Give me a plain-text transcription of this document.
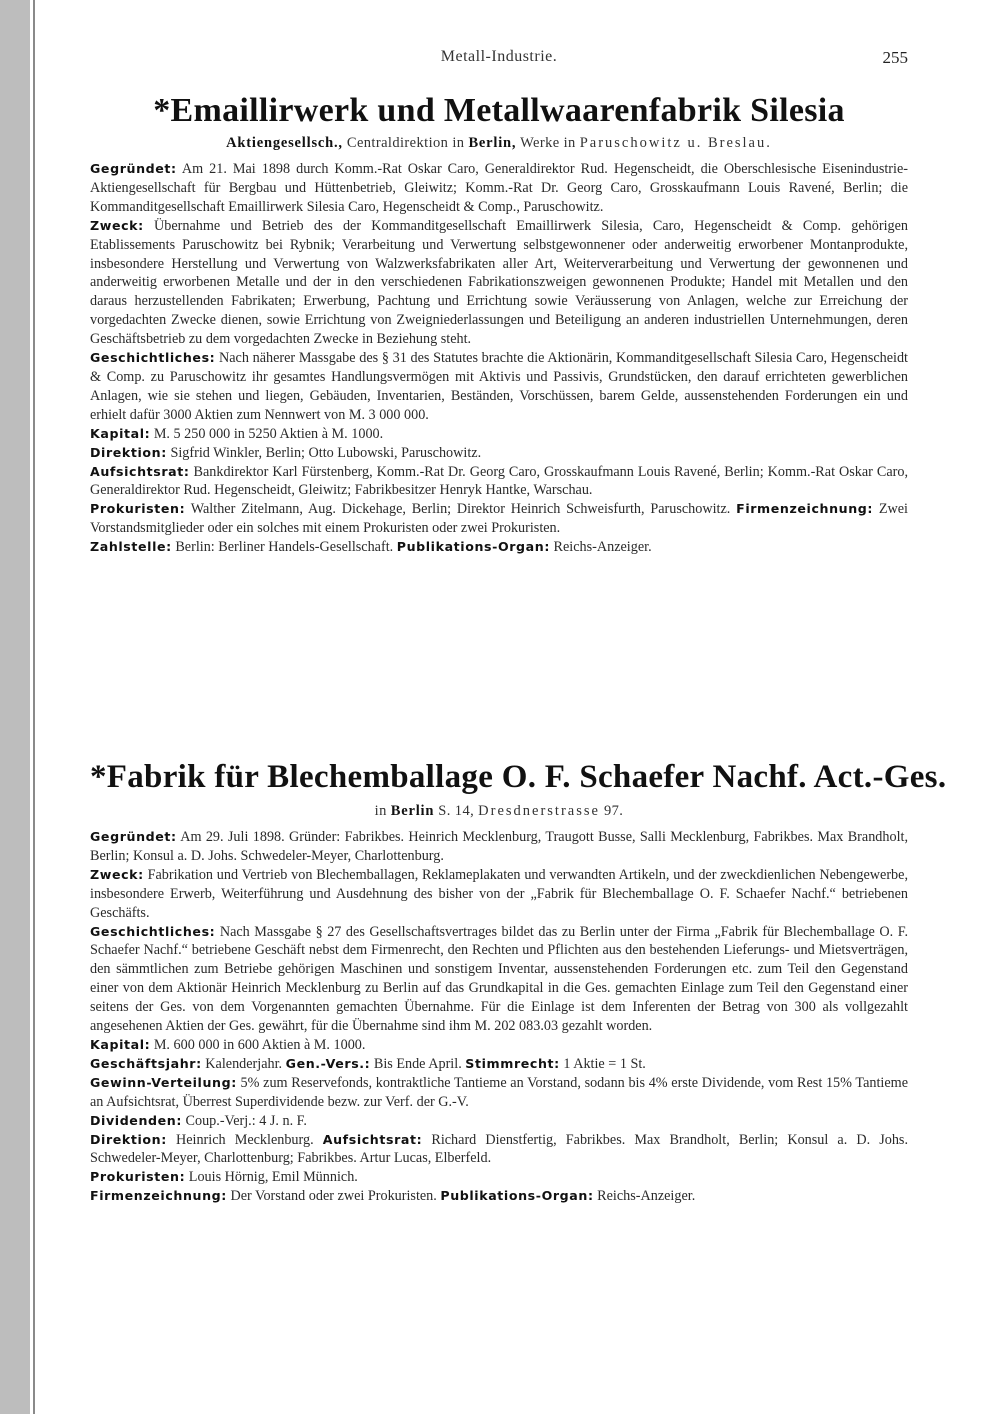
Metall-Industrie.	255
*Emaillirwerk und Metallwaarenfabrik Silesia
Aktiengesellsch., Centraldirektion in Berlin, Werke in Paruschowitz u. Breslau.

Gegründet: Am 21. Mai 1898 durch Komm.-Rat Oskar Caro, Generaldirektor Rud. Hegenscheidt, die Oberschlesische Eisenindustrie-Aktiengesellschaft für Bergbau und Hüttenbetrieb, Gleiwitz; Komm.-Rat Dr. Georg Caro, Grosskaufmann Louis Ravené, Berlin; die Kommanditgesellschaft Emaillirwerk Silesia Caro, Hegenscheidt & Comp., Paruschowitz.

Zweck: Übernahme und Betrieb des der Kommanditgesellschaft Emaillirwerk Silesia, Caro, Hegenscheidt & Comp. gehörigen Etablissements Paruschowitz bei Rybnik; Verarbeitung und Verwertung selbstgewonnener oder anderweitig erworbener Montanprodukte, insbesondere Herstellung und Verwertung von Walzwerksfabrikaten aller Art, Weiterverarbeitung und Verwertung der gewonnenen und anderweitig erworbenen Metalle und der in den verschiedenen Fabrikationszweigen gewonnenen Produkte; Handel mit Metallen und den daraus herzustellenden Fabrikaten; Erwerbung, Pachtung und Errichtung sowie Veräusserung von Anlagen, welche zur Erreichung der vorgedachten Zwecke dienen, sowie Errichtung von Zweigniederlassungen und Beteiligung an anderen industriellen Unternehmungen, deren Geschäftsbetrieb zu dem vorgedachten Zwecke in Beziehung steht.

Geschichtliches: Nach näherer Massgabe des § 31 des Statutes brachte die Aktionärin, Kommanditgesellschaft Silesia Caro, Hegenscheidt & Comp. zu Paruschowitz ihr gesamtes Handlungsvermögen mit Aktivis und Passivis, Grundstücken, den darauf errichteten gewerblichen Anlagen, wie sie stehen und liegen, Gebäuden, Inventarien, Beständen, Vorschüssen, barem Gelde, aussenstehenden Forderungen ein und erhielt dafür 3000 Aktien zum Nennwert von M. 3 000 000.

Kapital: M. 5 250 000 in 5250 Aktien à M. 1000.

Direktion: Sigfrid Winkler, Berlin; Otto Lubowski, Paruschowitz.

Aufsichtsrat: Bankdirektor Karl Fürstenberg, Komm.-Rat Dr. Georg Caro, Grosskaufmann Louis Ravené, Berlin; Komm.-Rat Oskar Caro, Generaldirektor Rud. Hegenscheidt, Gleiwitz; Fabrikbesitzer Henryk Hantke, Warschau.

Prokuristen: Walther Zitelmann, Aug. Dickehage, Berlin; Direktor Heinrich Schweisfurth, Paruschowitz. Firmenzeichnung: Zwei Vorstandsmitglieder oder ein solches mit einem Prokuristen oder zwei Prokuristen.

Zahlstelle: Berlin: Berliner Handels-Gesellschaft. Publikations-Organ: Reichs-Anzeiger.

*Fabrik für Blechemballage O. F. Schaefer Nachf. Act.-Ges.
in Berlin S. 14, Dresdnerstrasse 97.

Gegründet: Am 29. Juli 1898. Gründer: Fabrikbes. Heinrich Mecklenburg, Traugott Busse, Salli Mecklenburg, Fabrikbes. Max Brandholt, Berlin; Konsul a. D. Johs. Schwedeler-Meyer, Charlottenburg.

Zweck: Fabrikation und Vertrieb von Blechemballagen, Reklameplakaten und verwandten Artikeln, und der zweckdienlichen Nebengewerbe, insbesondere Erwerb, Weiterführung und Ausdehnung des bisher von der „Fabrik für Blechemballage O. F. Schaefer Nachf.“ betriebenen Geschäfts.

Geschichtliches: Nach Massgabe § 27 des Gesellschaftsvertrages bildet das zu Berlin unter der Firma „Fabrik für Blechemballage O. F. Schaefer Nachf.“ betriebene Geschäft nebst dem Firmenrecht, den Rechten und Pflichten aus den bestehenden Lieferungs- und Mietsverträgen, den sämmtlichen zum Betriebe gehörigen Maschinen und sonstigem Inventar, aussenstehenden Forderungen etc. zum Teil den Gegenstand einer von dem Aktionär Heinrich Mecklenburg zu Berlin auf das Grundkapital in die Ges. gemachten Einlage zum Teil den Gegenstand einer seitens der Ges. von dem Vorgenannten gemachten Übernahme. Für die Einlage ist dem Inferenten der Betrag von 300 als vollgezahlt angesehenen Aktien der Ges. gewährt, für die Übernahme sind ihm M. 202 083.03 gezahlt worden.

Kapital: M. 600 000 in 600 Aktien à M. 1000.

Geschäftsjahr: Kalenderjahr. Gen.-Vers.: Bis Ende April. Stimmrecht: 1 Aktie = 1 St.

Gewinn-Verteilung: 5% zum Reservefonds, kontraktliche Tantieme an Vorstand, sodann bis 4% erste Dividende, vom Rest 15% Tantieme an Aufsichtsrat, Überrest Superdividende bezw. zur Verf. der G.-V.

Dividenden: Coup.-Verj.: 4 J. n. F.

Direktion: Heinrich Mecklenburg. Aufsichtsrat: Richard Dienstfertig, Fabrikbes. Max Brandholt, Berlin; Konsul a. D. Johs. Schwedeler-Meyer, Charlottenburg; Fabrikbes. Artur Lucas, Elberfeld.

Prokuristen: Louis Hörnig, Emil Münnich.

Firmenzeichnung: Der Vorstand oder zwei Prokuristen. Publikations-Organ: Reichs-Anzeiger.
